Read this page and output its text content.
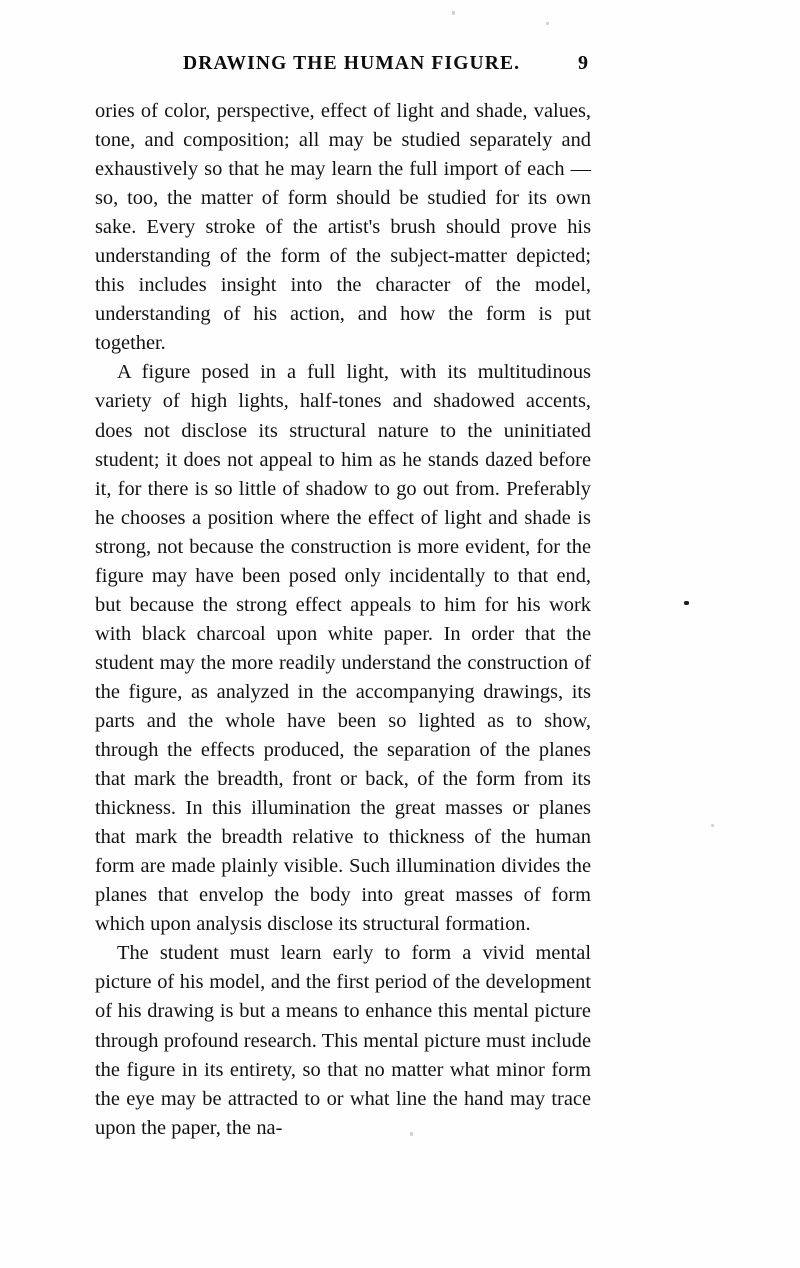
DRAWING THE HUMAN FIGURE.	9

ories of color, perspective, effect of light and shade, values, tone, and composition; all may be studied separately and exhaustively so that he may learn the full import of each — so, too, the matter of form should be studied for its own sake. Every stroke of the artist's brush should prove his understanding of the form of the subject-matter depicted; this includes insight into the character of the model, understanding of his action, and how the form is put together.

A figure posed in a full light, with its multitudinous variety of high lights, half-tones and shadowed accents, does not disclose its structural nature to the uninitiated student; it does not appeal to him as he stands dazed before it, for there is so little of shadow to go out from. Preferably he chooses a position where the effect of light and shade is strong, not because the construction is more evident, for the figure may have been posed only incidentally to that end, but because the strong effect appeals to him for his work with black charcoal upon white paper. In order that the student may the more readily understand the construction of the figure, as analyzed in the accompanying drawings, its parts and the whole have been so lighted as to show, through the effects produced, the separation of the planes that mark the breadth, front or back, of the form from its thickness. In this illumination the great masses or planes that mark the breadth relative to thickness of the human form are made plainly visible. Such illumination divides the planes that envelop the body into great masses of form which upon analysis disclose its structural formation.

The student must learn early to form a vivid mental picture of his model, and the first period of the development of his drawing is but a means to enhance this mental picture through profound research. This mental picture must include the figure in its entirety, so that no matter what minor form the eye may be attracted to or what line the hand may trace upon the paper, the na-
